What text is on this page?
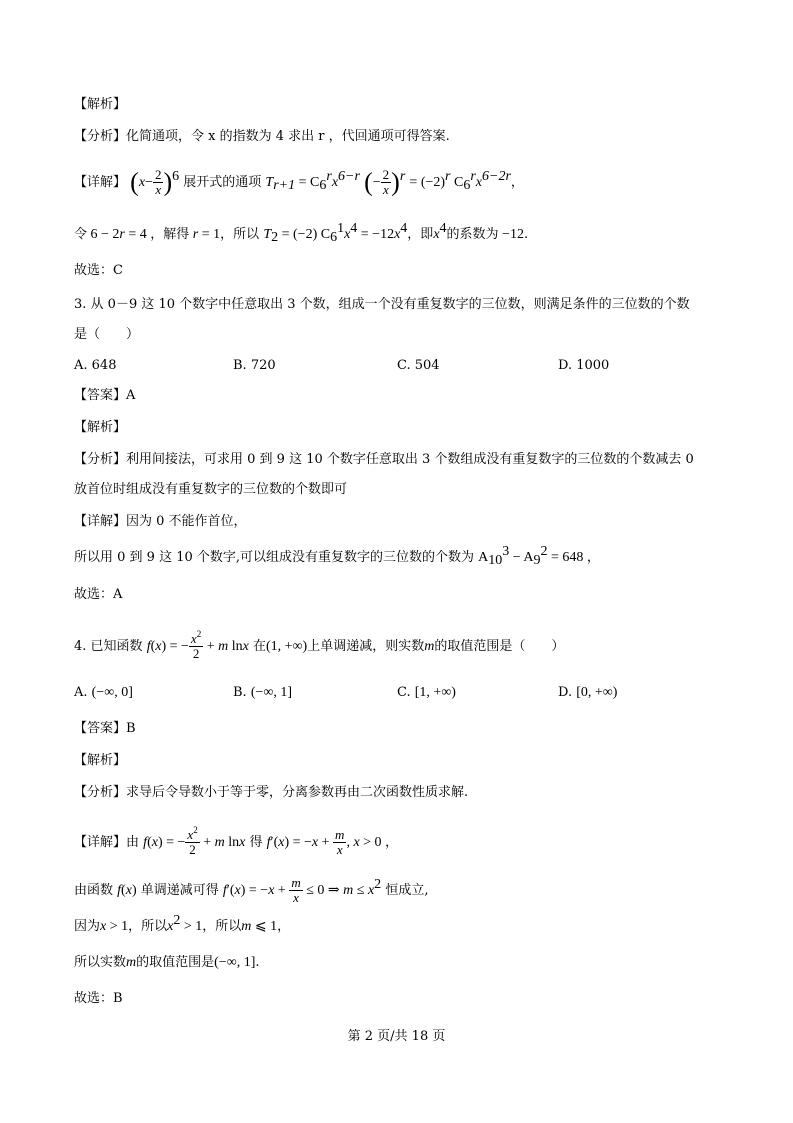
【解析】
【分析】化简通项，令 x 的指数为 4 求出 r ，代回通项可得答案.
【详解】 $(x- \frac{2}{x} )^6$ 展开式的通项 $T_{r+1} = C_6^rx^{6-r}$ (− $\frac{2}{x} )^r = (-2)^r$ $C_6^rx^{6-2r}$，
令 6 − 2r = 4 ，解得 r = 1，所以 $T_2 = (-2) C_6^1x^4 = -12x^4$，即$x^4$的系数为 −12.
故选：C
3. 从 0－9 这 10 个数字中任意取出 3 个数，组成一个没有重复数字的三位数，则满足条件的三位数的个数
是（　　）
A. 648	B. 720	C. 504	D. 1000
【答案】A
【解析】
【分析】利用间接法，可求用 0 到 9 这 10 个数字任意取出 3 个数组成没有重复数字的三位数的个数减去 0
放首位时组成没有重复数字的三位数的个数即可
【详解】因为 0 不能作首位，
所以用 0 到 9 这 10 个数字,可以组成没有重复数字的三位数的个数为 $A_{10}^3 - A_9^2 = 648$ ，
故选：A
4. 已知函数 f(x) = − $\frac{x^2}{2} + m$ lnx 在(1, +∞)上单调递减，则实数m的取值范围是（　　）
A. (−∞, 0]	B. (−∞, 1]	C. [1, +∞)	D. [0, +∞)
【答案】B
【解析】
【分析】求导后令导数小于等于零，分离参数再由二次函数性质求解.
【详解】由 f(x) = − $\frac{x^2}{2} + m$ lnx 得 $f'(x) = -x + \frac{m}{x}$ , x > 0 ，
由函数 f(x) 单调递减可得 $f'(x) = -x + \frac{m}{x} \le 0$ ⇒ $m \le x^2$ 恒成立,
因为x > 1，所以$x^2 > 1$，所以m ⩽ 1，
所以实数m的取值范围是(−∞, 1].
故选：B
第 2 页/共 18 页
